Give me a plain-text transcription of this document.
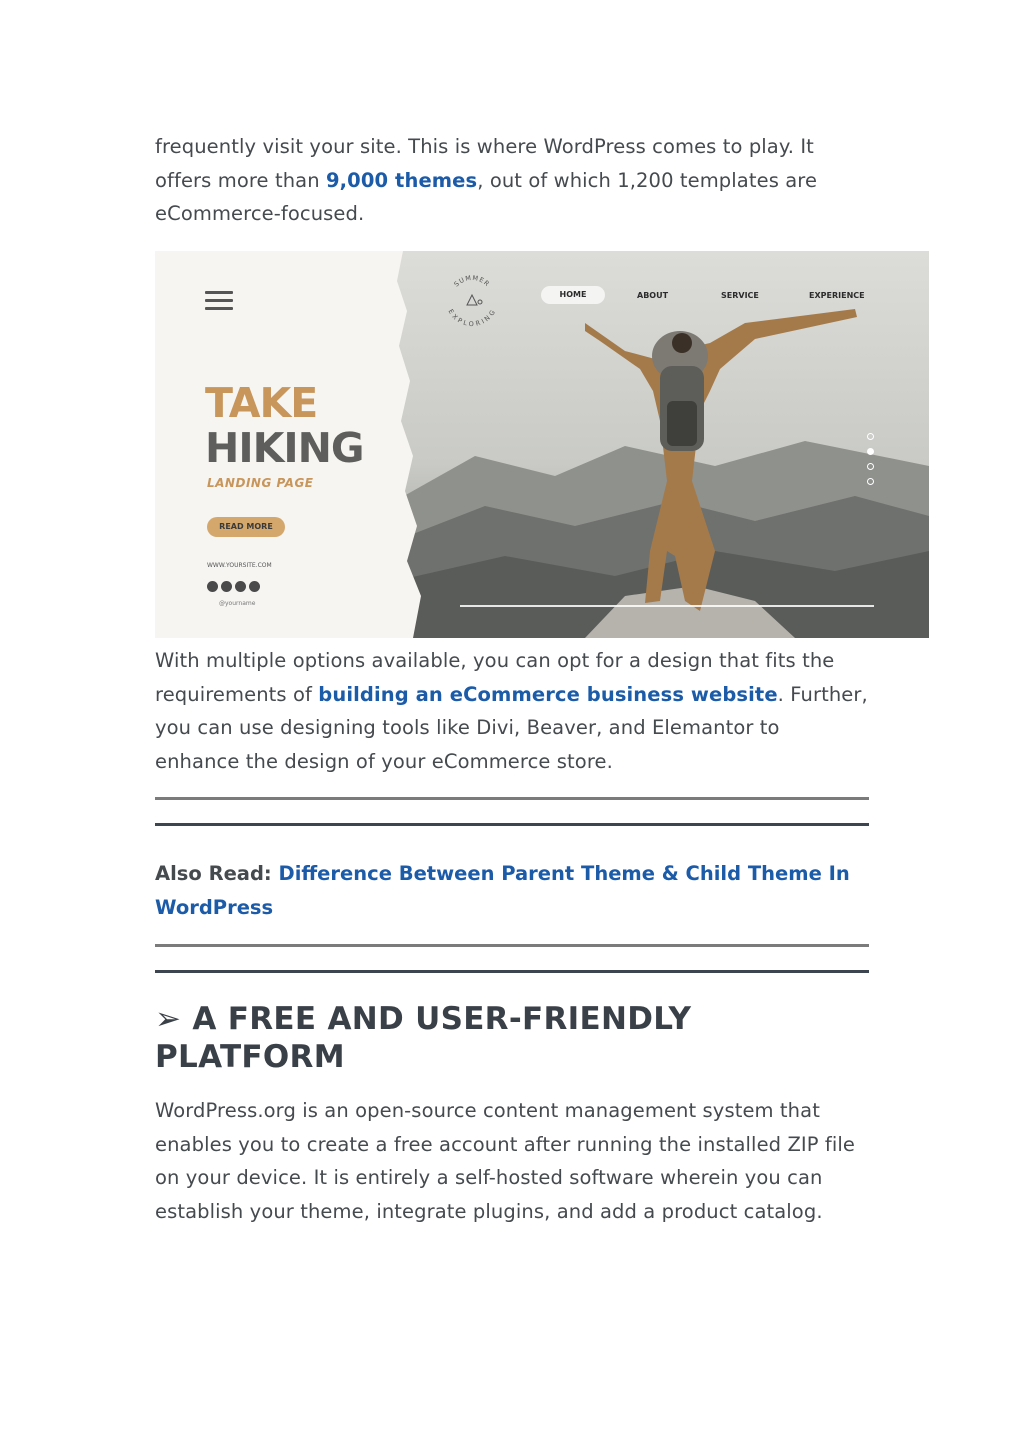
frequently visit your site. This is where WordPress comes to play. It offers more than 9,000 themes, out of which 1,200 templates are eCommerce-focused.

TAKE
HIKING
LANDING PAGE
READ MORE
WWW.YOURSITE.COM
@yourname
SUMMER
EXPLORING
HOME	ABOUT	SERVICE	EXPERIENCE

With multiple options available, you can opt for a design that fits the requirements of building an eCommerce business website. Further, you can use designing tools like Divi, Beaver, and Elemantor to enhance the design of your eCommerce store.

Also Read: Difference Between Parent Theme & Child Theme In WordPress

➢ A FREE AND USER-FRIENDLY PLATFORM

WordPress.org is an open-source content management system that enables you to create a free account after running the installed ZIP file on your device. It is entirely a self-hosted software wherein you can establish your theme, integrate plugins, and add a product catalog.
